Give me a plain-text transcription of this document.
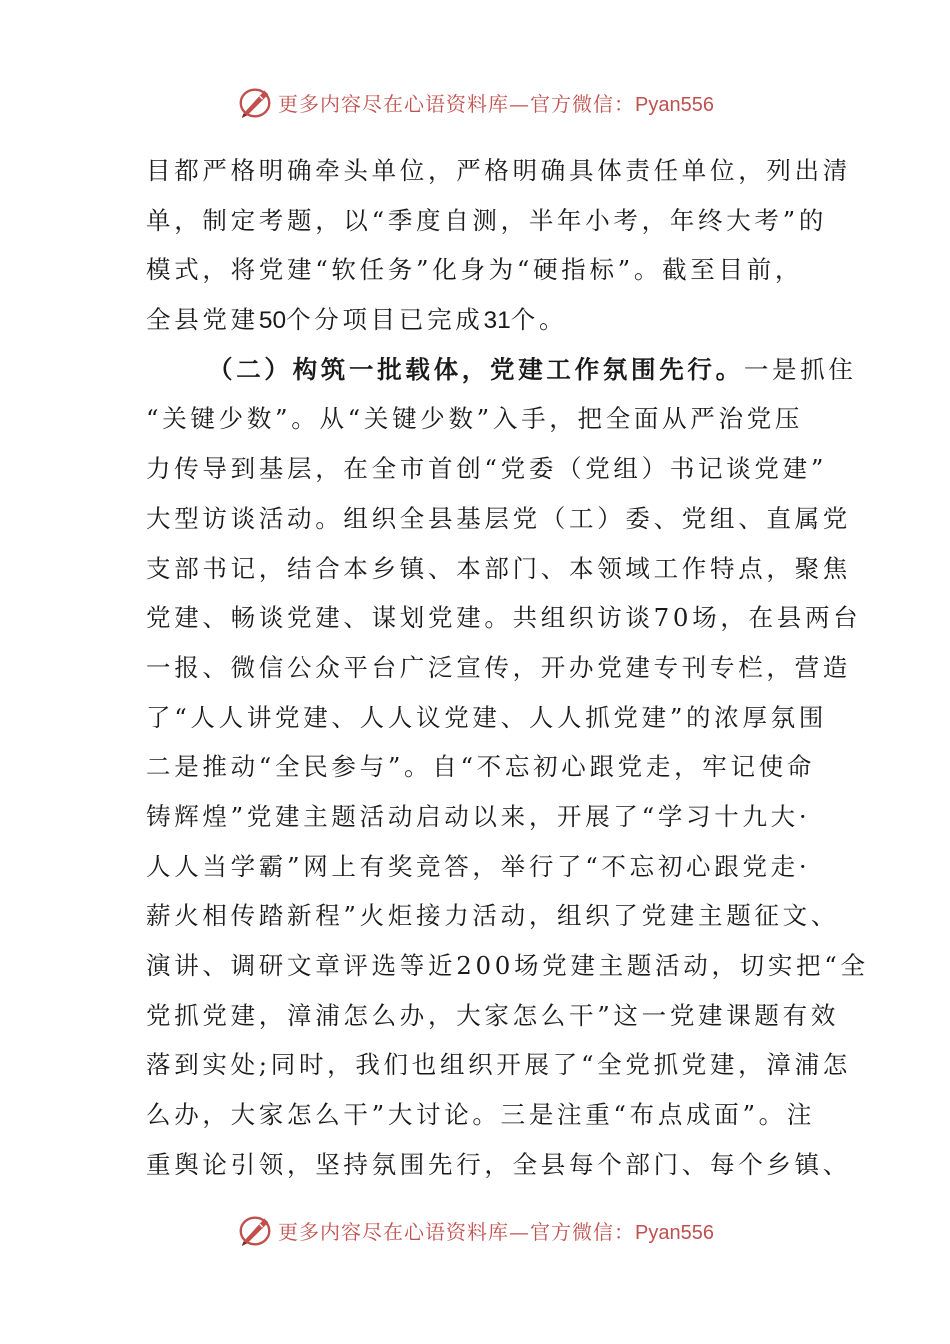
更多内容尽在心语资料库—官方微信：Pyan556
目都严格明确牵头单位，严格明确具体责任单位，列出清
单，制定考题，以“季度自测，半年小考，年终大考”的
模式，将党建“软任务”化身为“硬指标”。截至目前，
全县党建50个分项目已完成31个。
（二）构筑一批载体，党建工作氛围先行。一是抓住
“关键少数”。从“关键少数”入手，把全面从严治党压
力传导到基层，在全市首创“党委（党组）书记谈党建”
大型访谈活动。组织全县基层党（工）委、党组、直属党
支部书记，结合本乡镇、本部门、本领域工作特点，聚焦
党建、畅谈党建、谋划党建。共组织访谈70场，在县两台
一报、微信公众平台广泛宣传，开办党建专刊专栏，营造
了“人人讲党建、人人议党建、人人抓党建”的浓厚氛围
二是推动“全民参与”。自“不忘初心跟党走，牢记使命
铸辉煌”党建主题活动启动以来，开展了“学习十九大·
人人当学霸”网上有奖竞答，举行了“不忘初心跟党走·
薪火相传踏新程”火炬接力活动，组织了党建主题征文、
演讲、调研文章评选等近200场党建主题活动，切实把“全
党抓党建，漳浦怎么办，大家怎么干”这一党建课题有效
落到实处;同时，我们也组织开展了“全党抓党建，漳浦怎
么办，大家怎么干”大讨论。三是注重“布点成面”。注
重舆论引领，坚持氛围先行，全县每个部门、每个乡镇、
更多内容尽在心语资料库—官方微信：Pyan556
